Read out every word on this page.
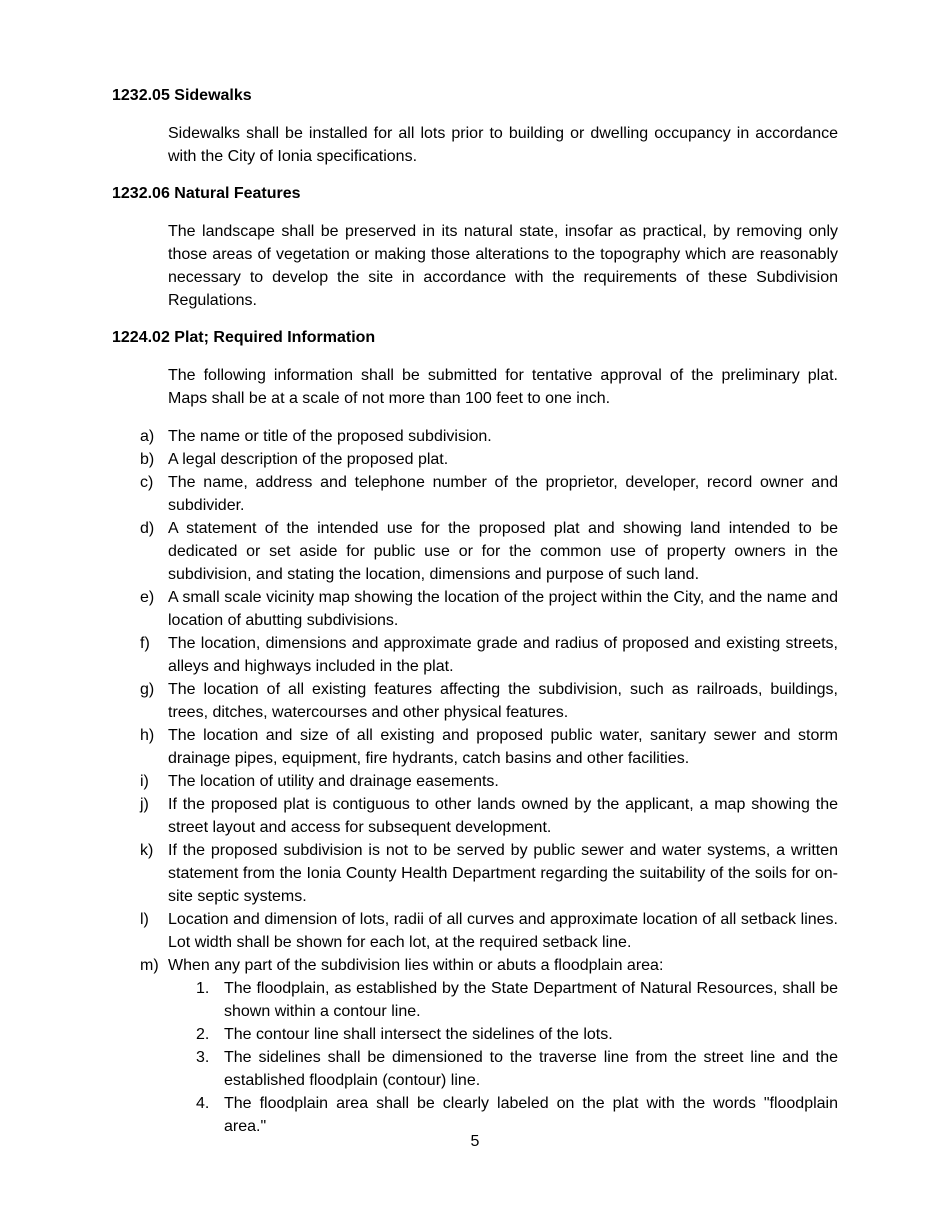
1232.05 Sidewalks

Sidewalks shall be installed for all lots prior to building or dwelling occupancy in accordance with the City of Ionia specifications.

1232.06 Natural Features

The landscape shall be preserved in its natural state, insofar as practical, by removing only those areas of vegetation or making those alterations to the topography which are reasonably necessary to develop the site in accordance with the requirements of these Subdivision Regulations.

1224.02 Plat; Required Information

The following information shall be submitted for tentative approval of the preliminary plat. Maps shall be at a scale of not more than 100 feet to one inch.

a) The name or title of the proposed subdivision.
b) A legal description of the proposed plat.
c) The name, address and telephone number of the proprietor, developer, record owner and subdivider.
d) A statement of the intended use for the proposed plat and showing land intended to be dedicated or set aside for public use or for the common use of property owners in the subdivision, and stating the location, dimensions and purpose of such land.
e) A small scale vicinity map showing the location of the project within the City, and the name and location of abutting subdivisions.
f)	The location, dimensions and approximate grade and radius of proposed and existing streets, alleys and highways included in the plat.
g) The location of all existing features affecting the subdivision, such as railroads, buildings, trees, ditches, watercourses and other physical features.
h) The location and size of all existing and proposed public water, sanitary sewer and storm drainage pipes, equipment, fire hydrants, catch basins and other facilities.
i)	The location of utility and drainage easements.
j)	If the proposed plat is contiguous to other lands owned by the applicant, a map showing the street layout and access for subsequent development.
k) If the proposed subdivision is not to be served by public sewer and water systems, a written statement from the Ionia County Health Department regarding the suitability of the soils for on-site septic systems.
l)	Location and dimension of lots, radii of all curves and approximate location of all setback lines. Lot width shall be shown for each lot, at the required setback line.
m) When any part of the subdivision lies within or abuts a floodplain area:
1. The floodplain, as established by the State Department of Natural Resources, shall be shown within a contour line.
2. The contour line shall intersect the sidelines of the lots.
3. The sidelines shall be dimensioned to the traverse line from the street line and the established floodplain (contour) line.
4. The floodplain area shall be clearly labeled on the plat with the words "floodplain area."
5
